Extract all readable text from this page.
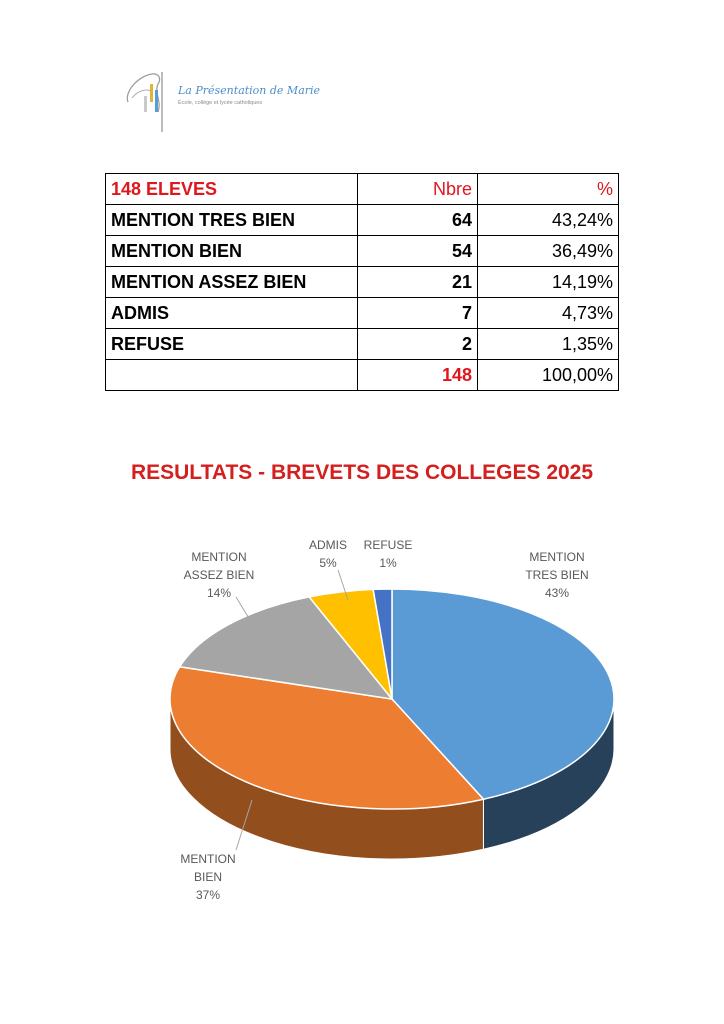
La Présentation de Marie
École, collège et lycée catholiques
148 ELEVES	Nbre	%
MENTION TRES BIEN	64	43,24%
MENTION BIEN	54	36,49%
MENTION ASSEZ BIEN	21	14,19%
ADMIS	7	4,73%
REFUSE	2	1,35%
	148	100,00%
RESULTATS - BREVETS DES COLLEGES 2025
MENTION
TRES BIEN
43%
MENTION
BIEN
37%
MENTION
ASSEZ BIEN
14%
ADMIS
5%
REFUSE
1%
